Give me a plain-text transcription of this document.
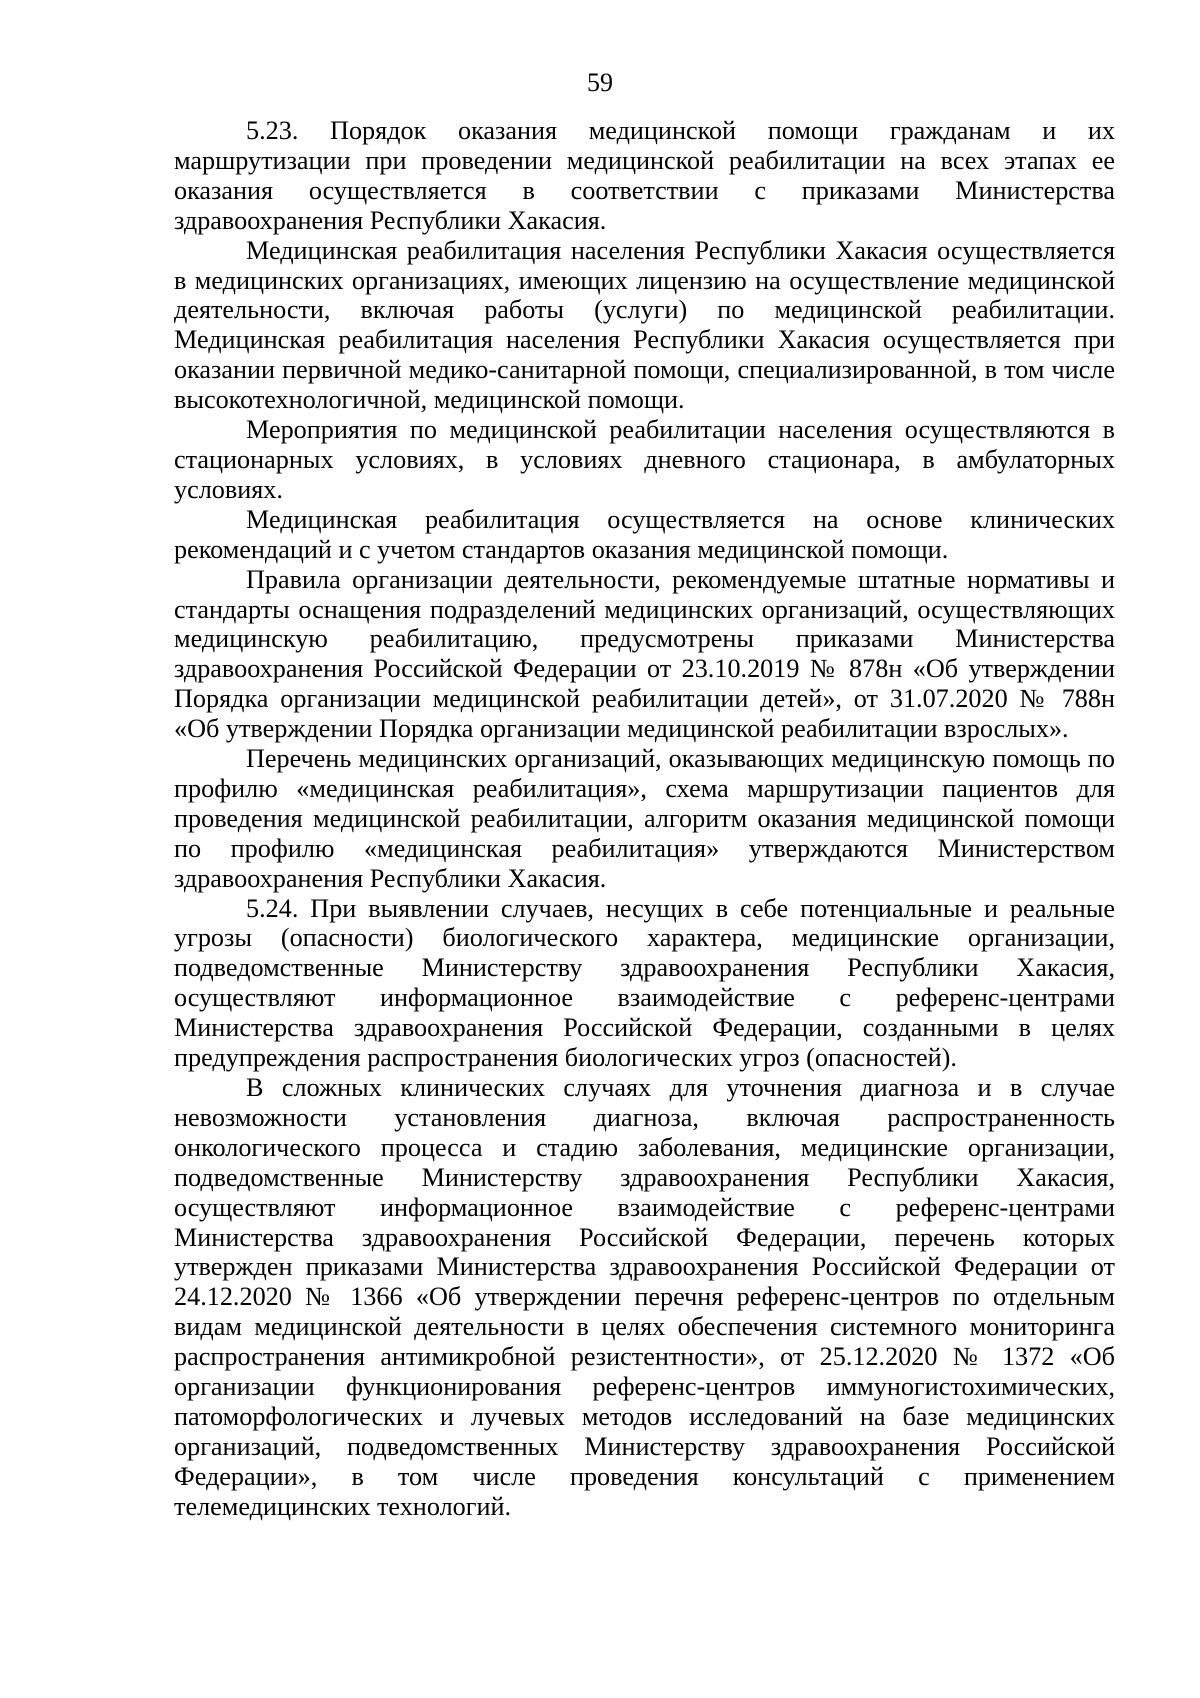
59

5.23. Порядок оказания медицинской помощи гражданам и их маршрутизации при проведении медицинской реабилитации на всех этапах ее оказания осуществляется в соответствии с приказами Министерства здравоохранения Республики Хакасия.

Медицинская реабилитация населения Республики Хакасия осуществляется в медицинских организациях, имеющих лицензию на осуществление медицинской деятельности, включая работы (услуги) по медицинской реабилитации. Медицинская реабилитация населения Республики Хакасия осуществляется при оказании первичной медико-санитарной помощи, специализированной, в том числе высокотехнологичной, медицинской помощи.

Мероприятия по медицинской реабилитации населения осуществляются в стационарных условиях, в условиях дневного стационара, в амбулаторных условиях.

Медицинская реабилитация осуществляется на основе клинических рекомендаций и с учетом стандартов оказания медицинской помощи.

Правила организации деятельности, рекомендуемые штатные нормативы и стандарты оснащения подразделений медицинских организаций, осуществляющих медицинскую реабилитацию, предусмотрены приказами Министерства здравоохранения Российской Федерации от 23.10.2019 № 878н «Об утверждении Порядка организации медицинской реабилитации детей», от 31.07.2020 № 788н «Об утверждении Порядка организации медицинской реабилитации взрослых».

Перечень медицинских организаций, оказывающих медицинскую помощь по профилю «медицинская реабилитация», схема маршрутизации пациентов для проведения медицинской реабилитации, алгоритм оказания медицинской помощи по профилю «медицинская реабилитация» утверждаются Министерством здравоохранения Республики Хакасия.

5.24. При выявлении случаев, несущих в себе потенциальные и реальные угрозы (опасности) биологического характера, медицинские организации, подведомственные Министерству здравоохранения Республики Хакасия, осуществляют информационное взаимодействие с референс-центрами Министерства здравоохранения Российской Федерации, созданными в целях предупреждения распространения биологических угроз (опасностей).

В сложных клинических случаях для уточнения диагноза и в случае невозможности установления диагноза, включая распространенность онкологического процесса и стадию заболевания, медицинские организации, подведомственные Министерству здравоохранения Республики Хакасия, осуществляют информационное взаимодействие с референс-центрами Министерства здравоохранения Российской Федерации, перечень которых утвержден приказами Министерства здравоохранения Российской Федерации от 24.12.2020 № 1366 «Об утверждении перечня референс-центров по отдельным видам медицинской деятельности в целях обеспечения системного мониторинга распространения антимикробной резистентности», от 25.12.2020 № 1372 «Об организации функционирования референс-центров иммуногистохимических, патоморфологических и лучевых методов исследований на базе медицинских организаций, подведомственных Министерству здравоохранения Российской Федерации», в том числе проведения консультаций с применением телемедицинских технологий.
